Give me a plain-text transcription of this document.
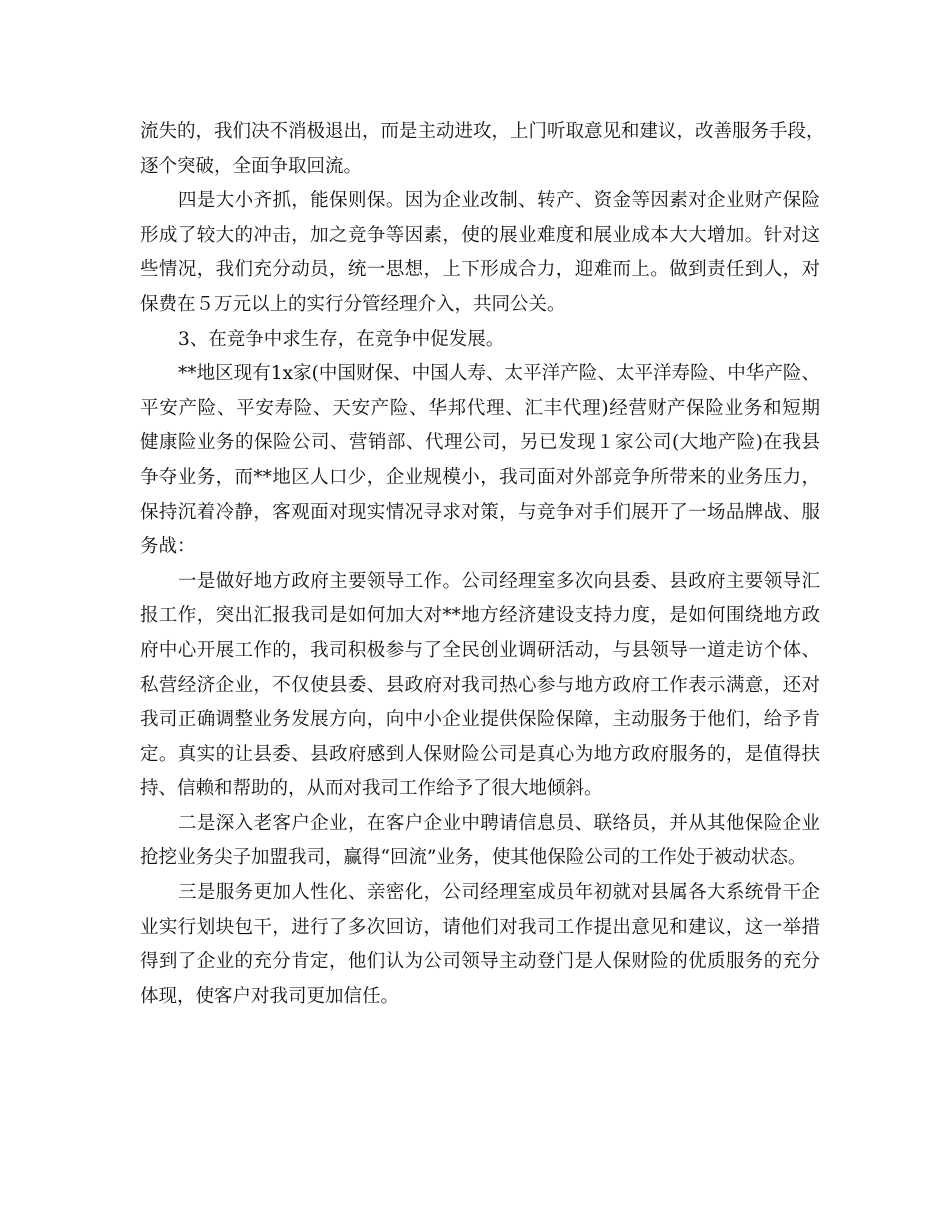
流失的，我们决不消极退出，而是主动进攻，上门听取意见和建议，改善服务手段，
逐个突破，全面争取回流。
四是大小齐抓，能保则保。因为企业改制、转产、资金等因素对企业财产保险
形成了较大的冲击，加之竞争等因素，使的展业难度和展业成本大大增加。针对这
些情况，我们充分动员，统一思想，上下形成合力，迎难而上。做到责任到人，对
保费在５万元以上的实行分管经理介入，共同公关。
3、在竞争中求生存，在竞争中促发展。
**地区现有1x家(中国财保、中国人寿、太平洋产险、太平洋寿险、中华产险、
平安产险、平安寿险、天安产险、华邦代理、汇丰代理)经营财产保险业务和短期
健康险业务的保险公司、营销部、代理公司，另已发现１家公司(大地产险)在我县
争夺业务，而**地区人口少，企业规模小，我司面对外部竞争所带来的业务压力，
保持沉着冷静，客观面对现实情况寻求对策，与竞争对手们展开了一场品牌战、服
务战：
一是做好地方政府主要领导工作。公司经理室多次向县委、县政府主要领导汇
报工作，突出汇报我司是如何加大对**地方经济建设支持力度，是如何围绕地方政
府中心开展工作的，我司积极参与了全民创业调研活动，与县领导一道走访个体、
私营经济企业，不仅使县委、县政府对我司热心参与地方政府工作表示满意，还对
我司正确调整业务发展方向，向中小企业提供保险保障，主动服务于他们，给予肯
定。真实的让县委、县政府感到人保财险公司是真心为地方政府服务的，是值得扶
持、信赖和帮助的，从而对我司工作给予了很大地倾斜。
二是深入老客户企业，在客户企业中聘请信息员、联络员，并从其他保险企业
抢挖业务尖子加盟我司，赢得“回流”业务，使其他保险公司的工作处于被动状态。
三是服务更加人性化、亲密化，公司经理室成员年初就对县属各大系统骨干企
业实行划块包干，进行了多次回访，请他们对我司工作提出意见和建议，这一举措
得到了企业的充分肯定，他们认为公司领导主动登门是人保财险的优质服务的充分
体现，使客户对我司更加信任。
